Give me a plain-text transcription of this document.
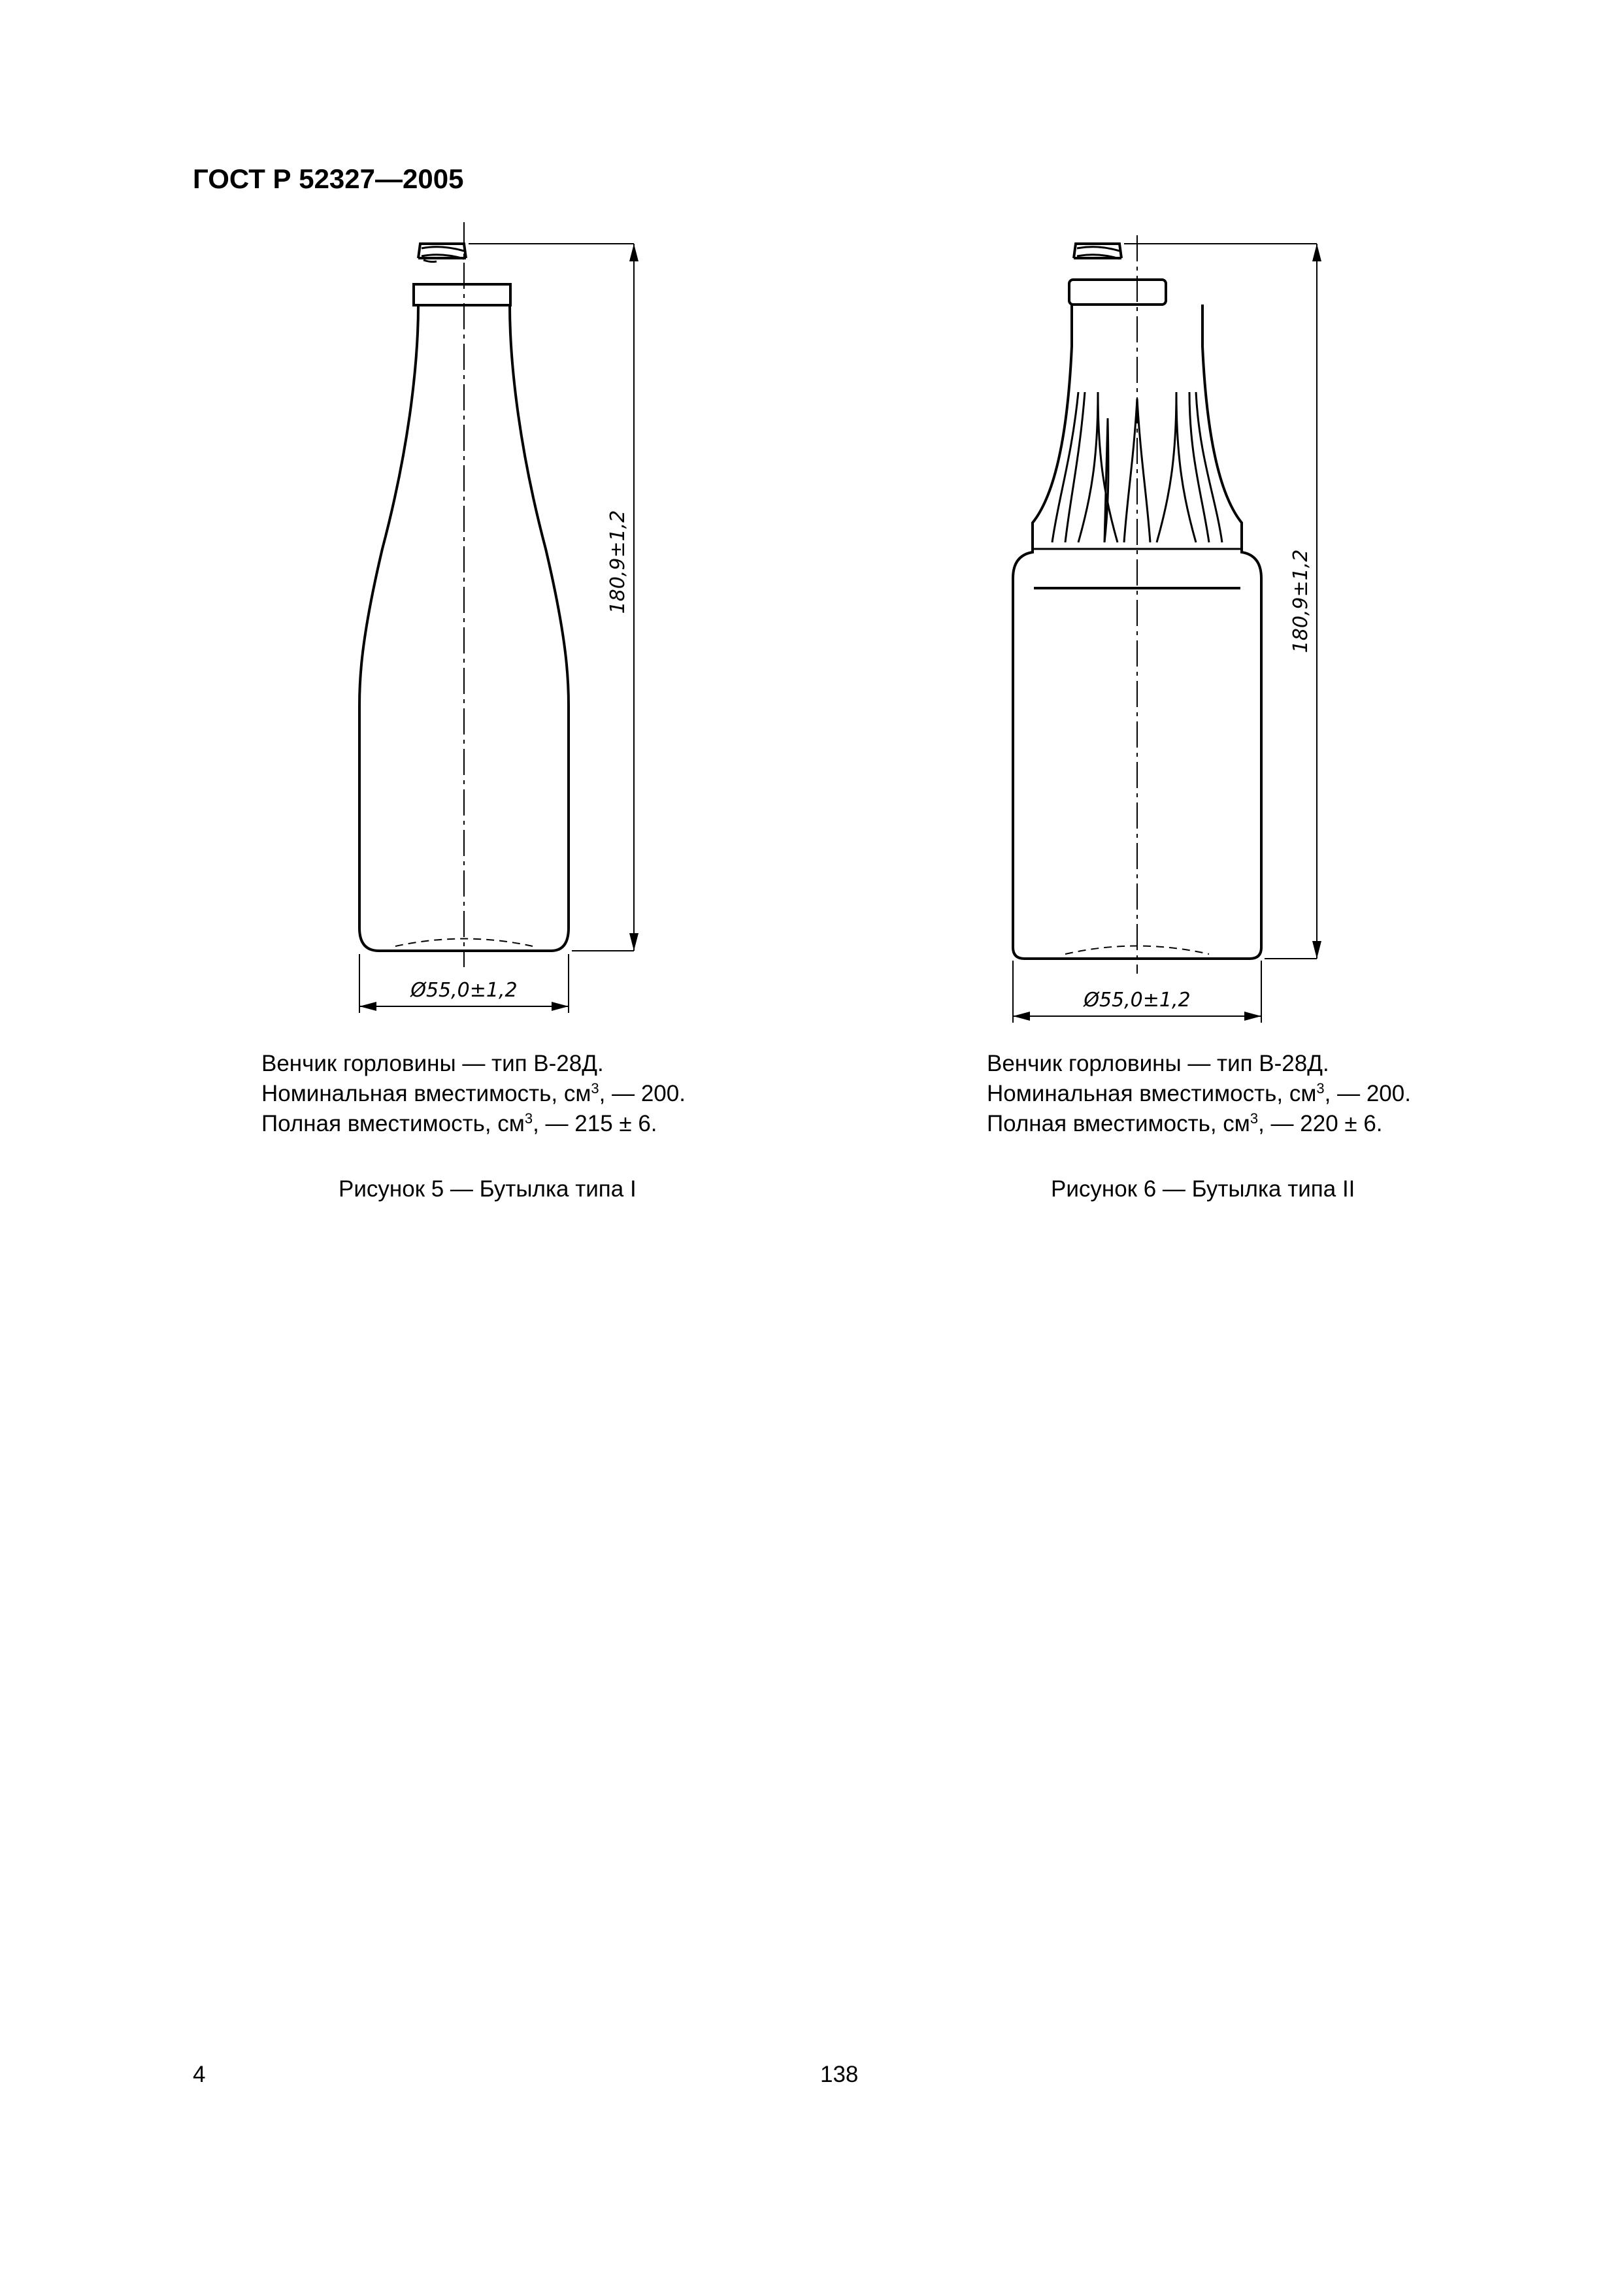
ГОСТ Р 52327—2005
180,9±1,2
Ø55,0±1,2
180,9±1,2
Ø55,0±1,2
Венчик горловины — тип В-28Д.
Номинальная вместимость, $см^3$, — 200.
Полная вместимость, $см^3$, — 215 ± 6.
Венчик горловины — тип В-28Д.
Номинальная вместимость, $см^3$, — 200.
Полная вместимость, $см^3$, — 220 ± 6.
Рисунок 5 — Бутылка типа I	Рисунок 6 — Бутылка типа II
4	138
